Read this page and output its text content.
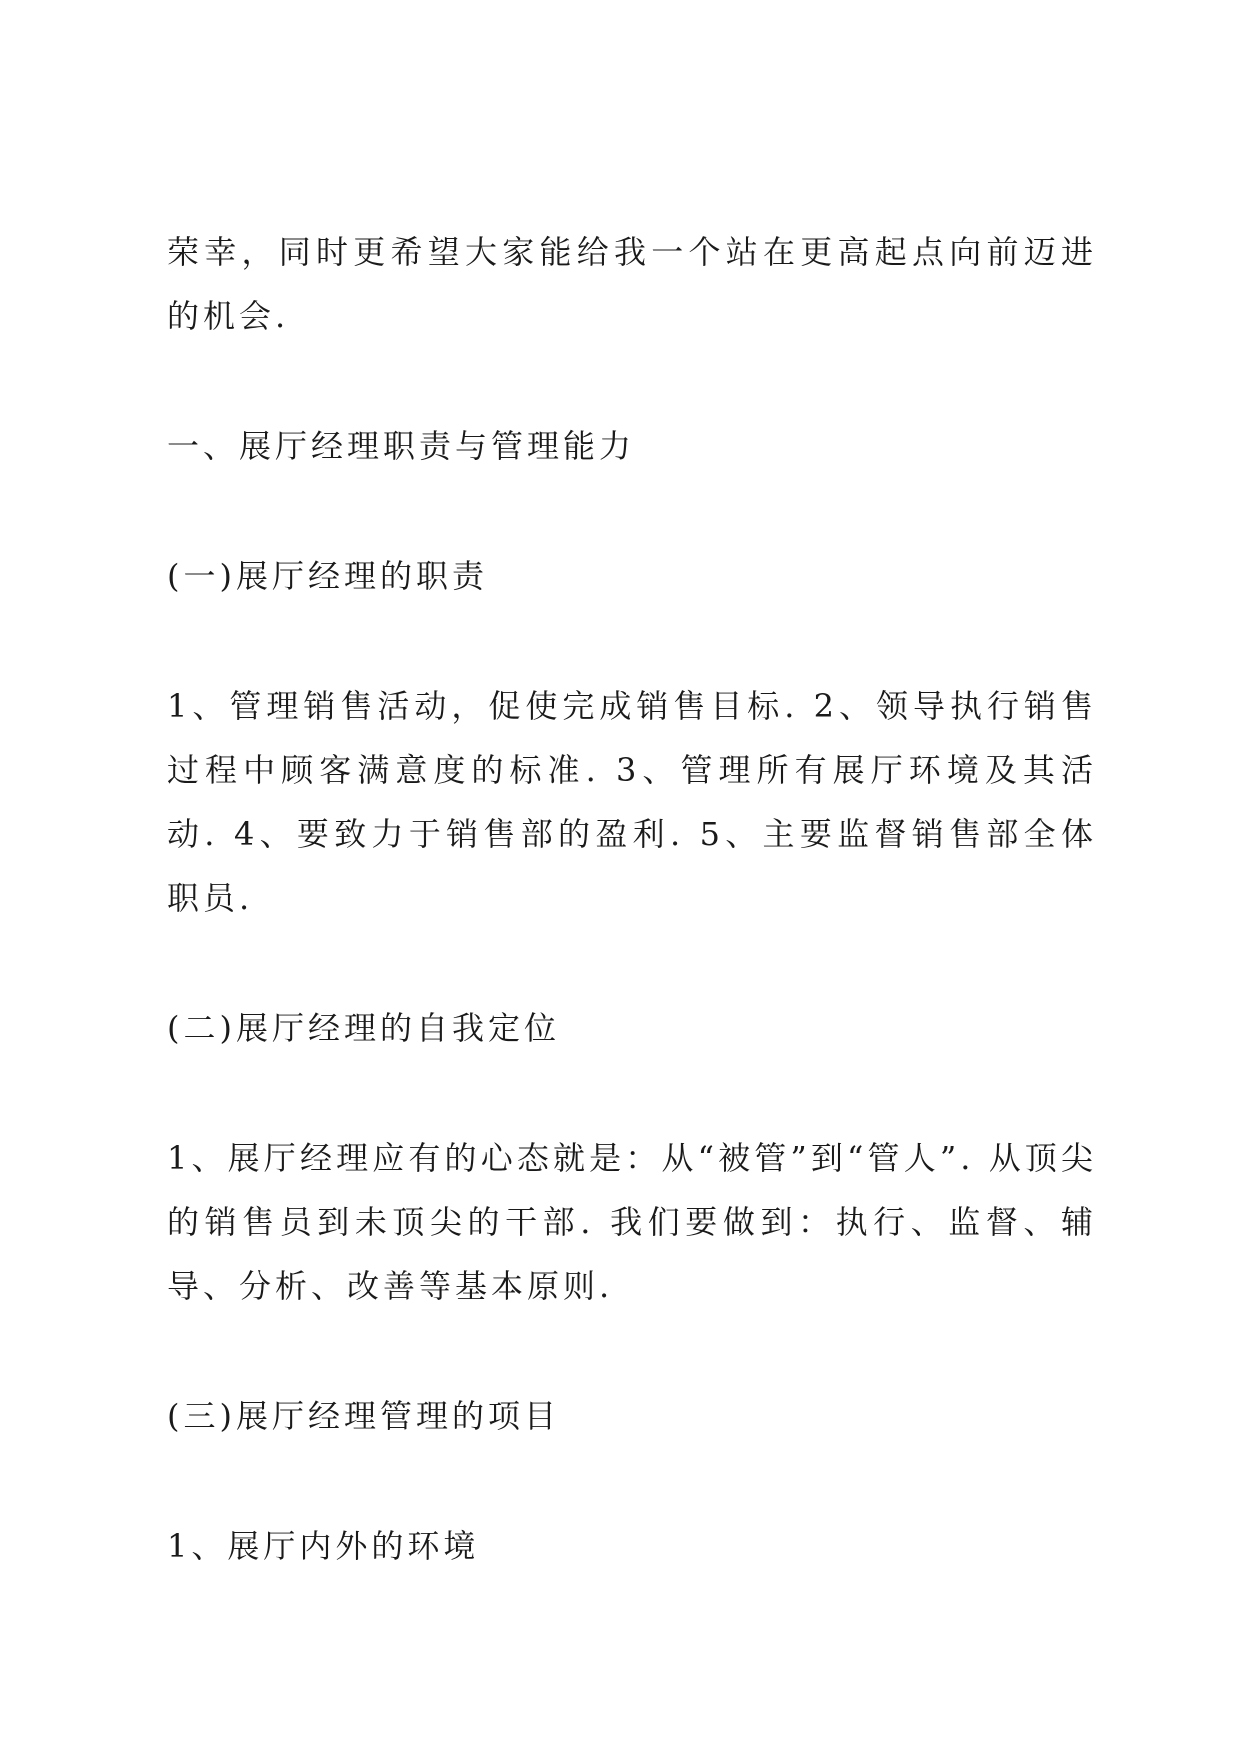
荣幸，同时更希望大家能给我一个站在更高起点向前迈进的机会.

一、展厅经理职责与管理能力

(一)展厅经理的职责

1、管理销售活动，促使完成销售目标. 2、领导执行销售过程中顾客满意度的标准. 3、管理所有展厅环境及其活动. 4、要致力于销售部的盈利. 5、主要监督销售部全体职员.

(二)展厅经理的自我定位

1、展厅经理应有的心态就是：从“被管”到“管人”. 从顶尖的销售员到未顶尖的干部. 我们要做到：执行、监督、辅导、分析、改善等基本原则.

(三)展厅经理管理的项目

1、展厅内外的环境
